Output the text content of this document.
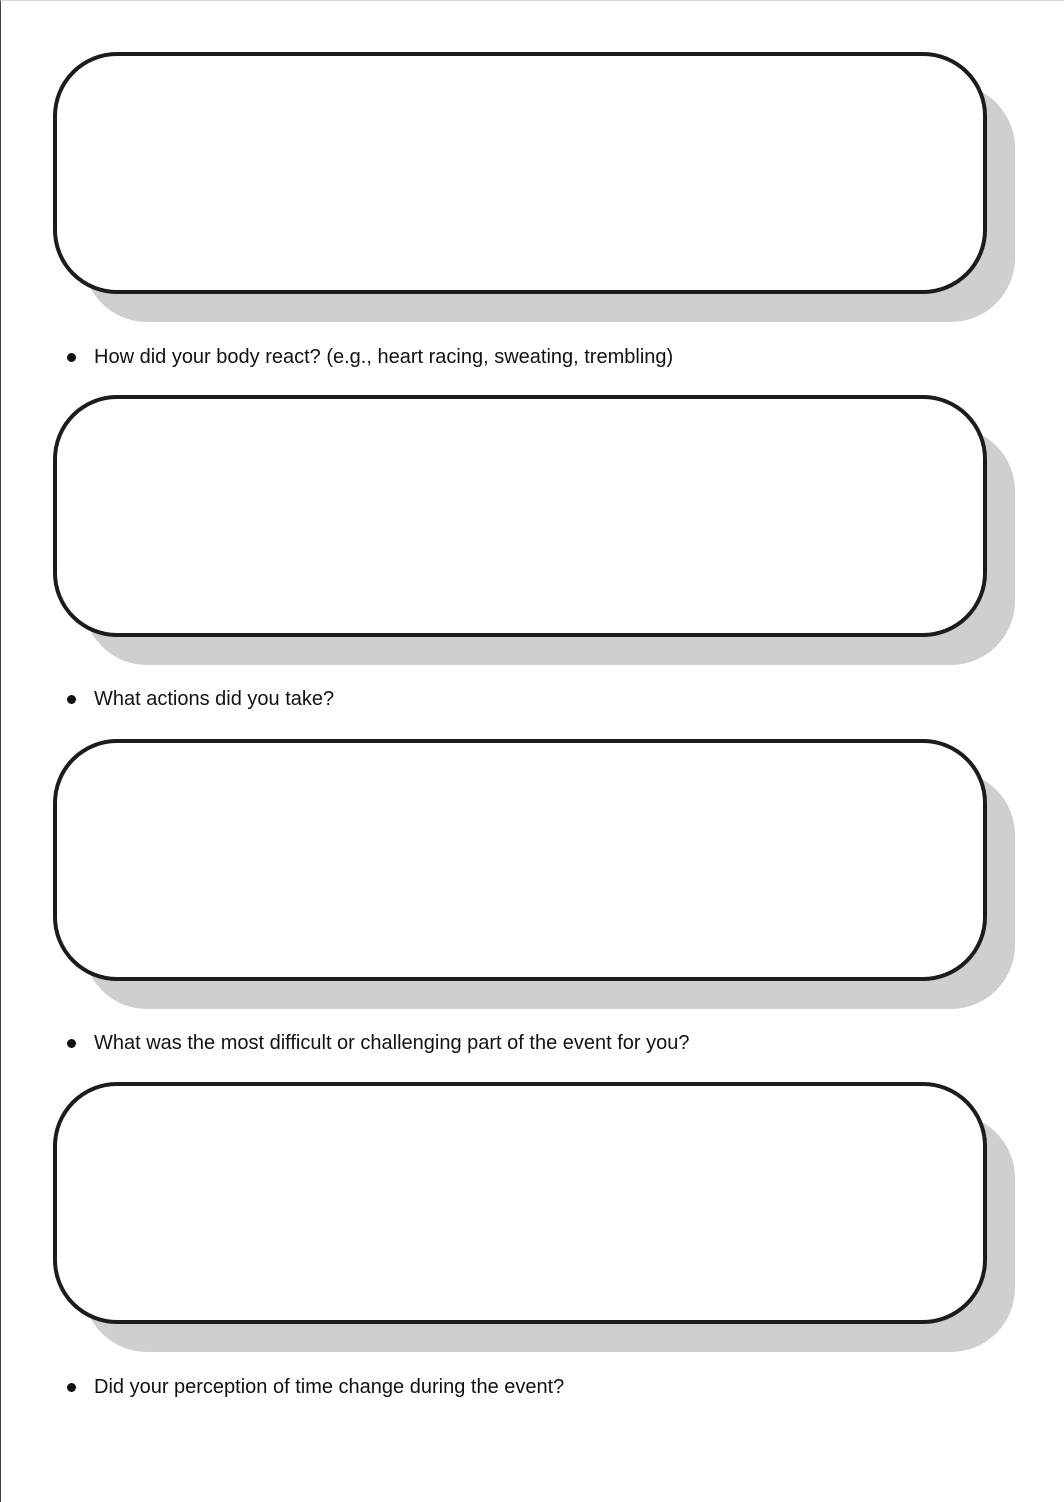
How did your body react? (e.g., heart racing, sweating, trembling)
What actions did you take?
What was the most difficult or challenging part of the event for you?
Did your perception of time change during the event?
